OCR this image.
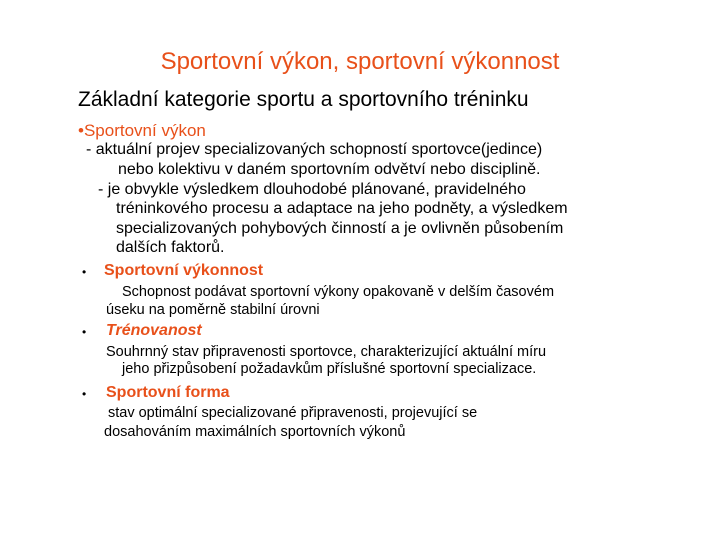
Sportovní výkon, sportovní výkonnost
Základní kategorie sportu a sportovního tréninku
•Sportovní výkon
- aktuální projev specializovaných schopností sportovce(jedince)
nebo kolektivu v daném sportovním odvětví nebo disciplině.
- je obvykle výsledkem dlouhodobé plánované, pravidelného
tréninkového procesu a adaptace na jeho podněty, a výsledkem
specializovaných pohybových činností a je ovlivněn působením
dalších faktorů.
• Sportovní výkonnost
Schopnost podávat sportovní výkony opakovaně v delším časovém
úseku na poměrně stabilní úrovni
• Trénovanost
Souhrnný stav připravenosti sportovce, charakterizující aktuální míru
jeho přizpůsobení požadavkům příslušné sportovní specializace.
• Sportovní forma
stav optimální specializované připravenosti, projevující se
dosahováním maximálních sportovních výkonů
